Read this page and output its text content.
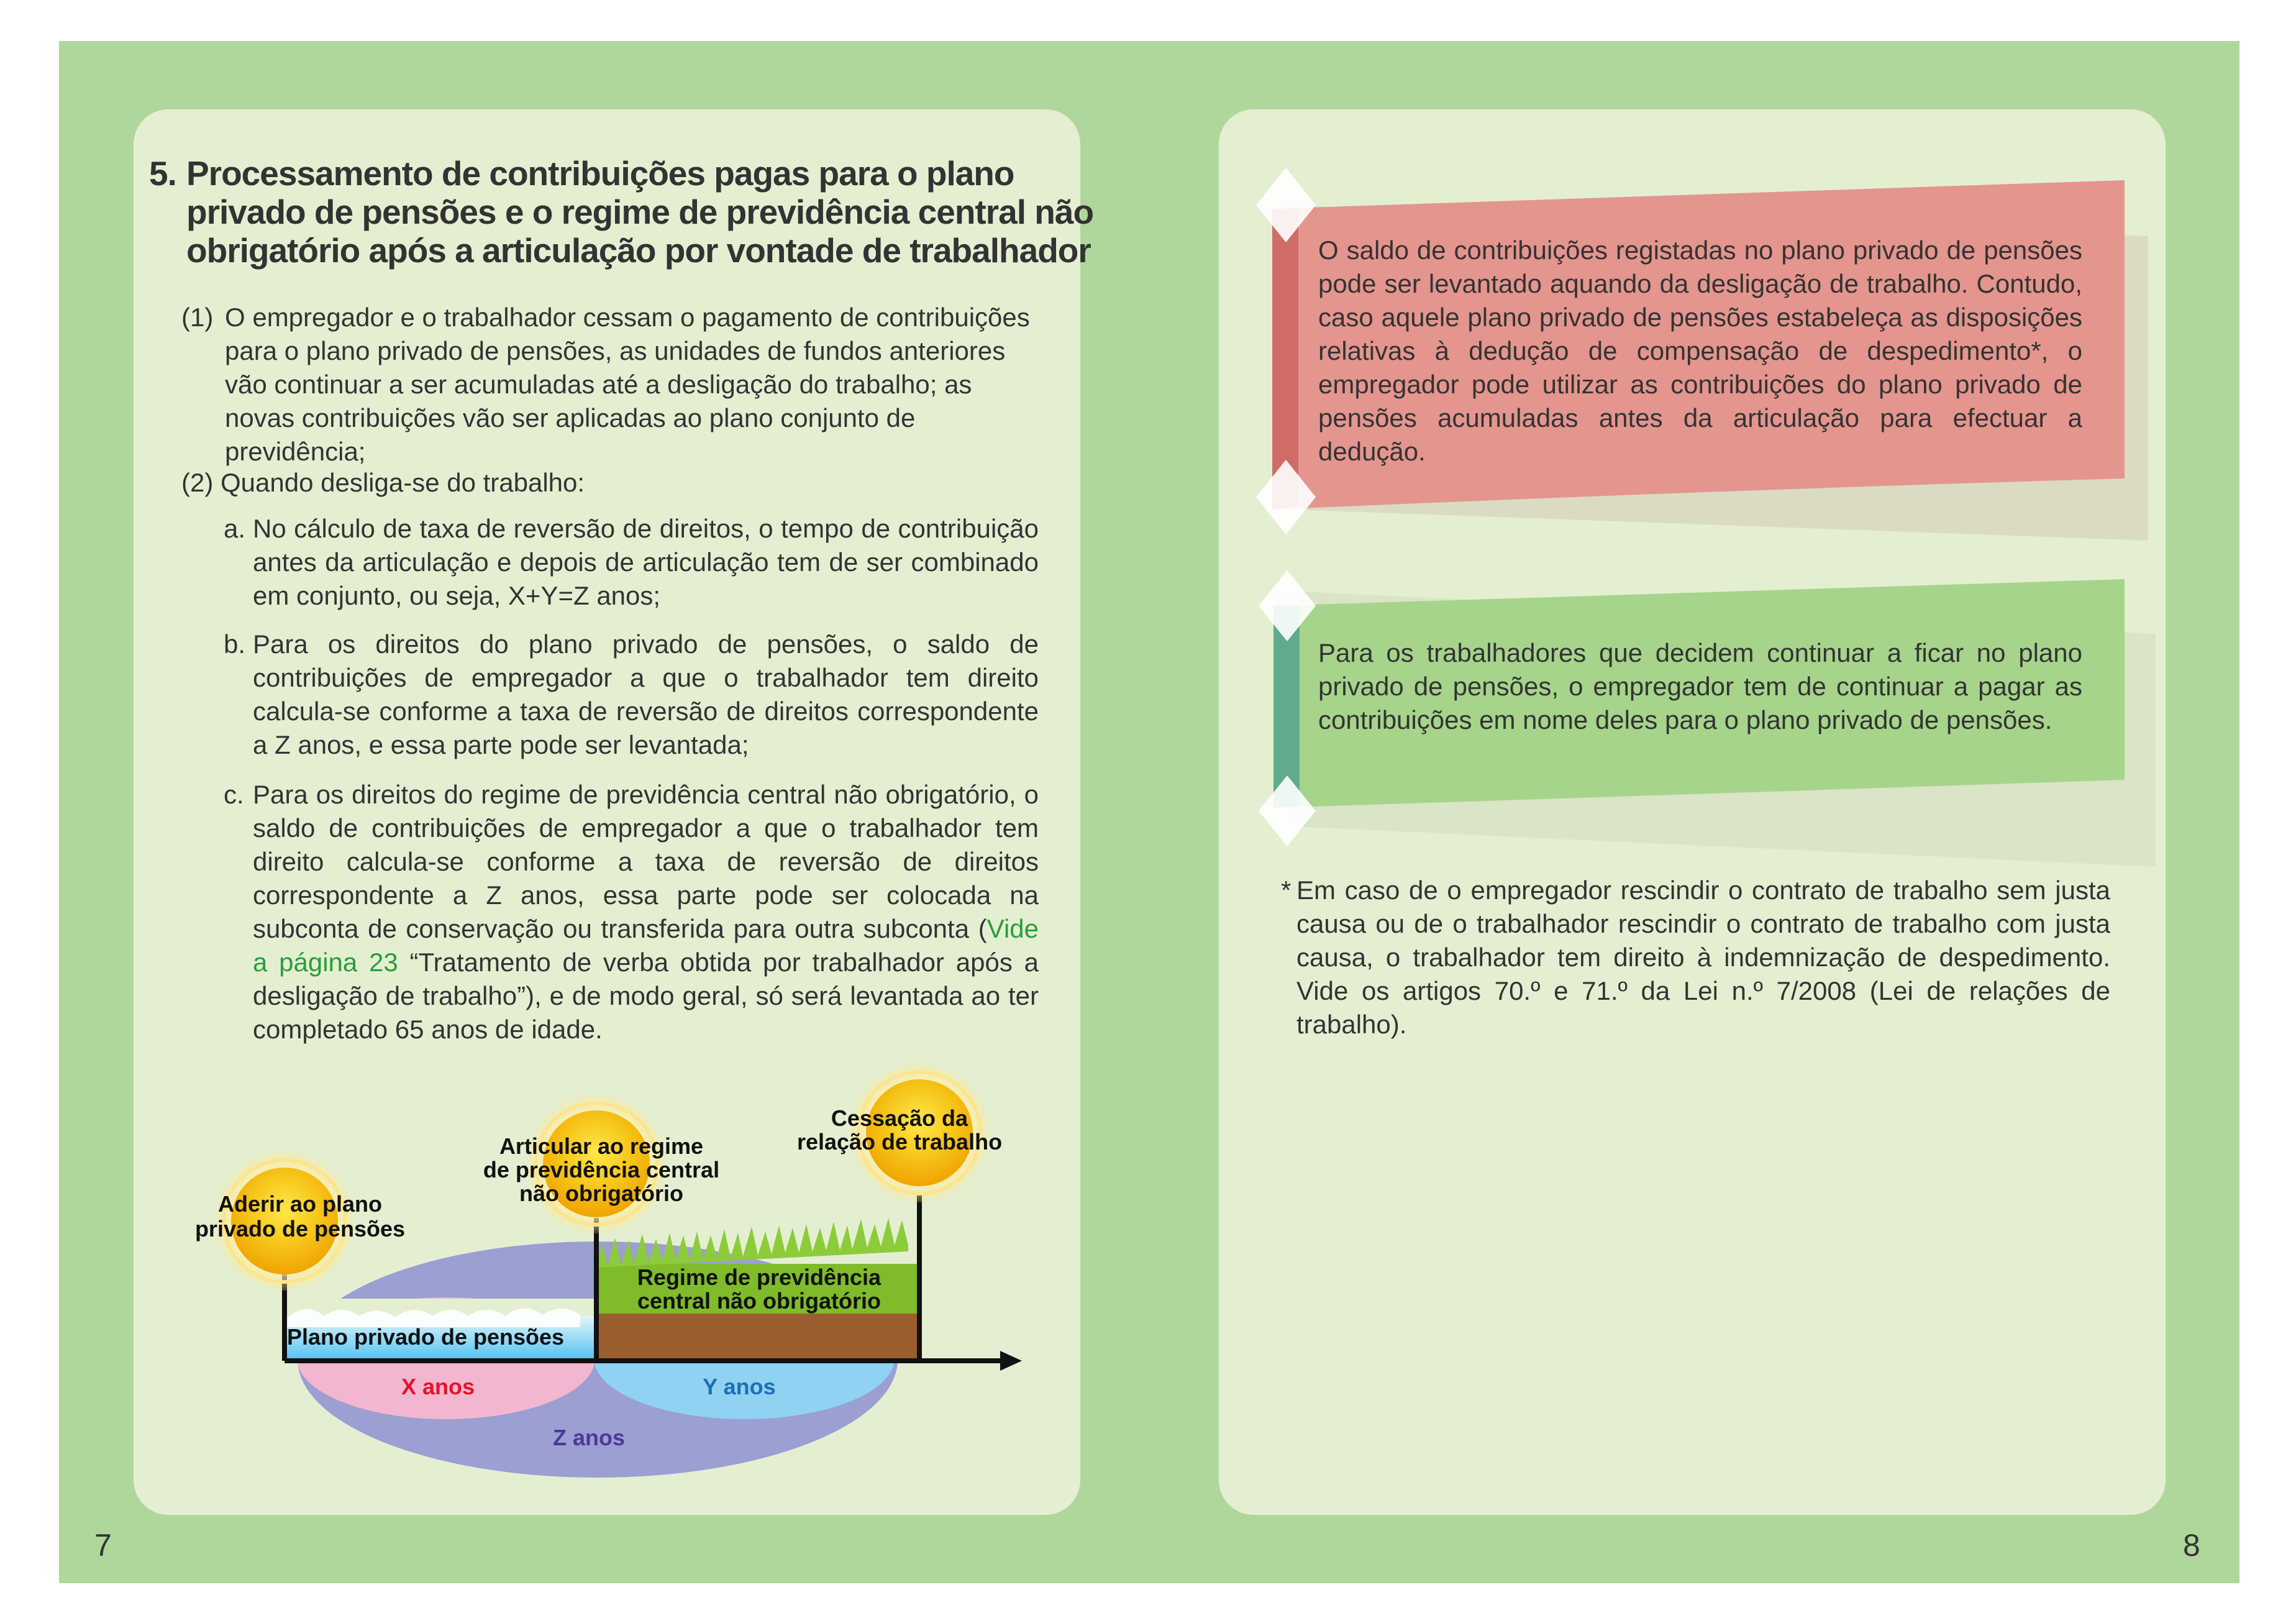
5. Processamento de contribuições pagas para o plano
privado de pensões e o regime de previdência central não
obrigatório após a articulação por vontade de trabalhador
(1) O empregador e o trabalhador cessam o pagamento de contribuições para o plano privado de pensões, as unidades de fundos anteriores vão continuar a ser acumuladas até a desligação do trabalho; as novas contribuições vão ser aplicadas ao plano conjunto de previdência;
(2) Quando desliga-se do trabalho:
a. No cálculo de taxa de reversão de direitos, o tempo de contribuição antes da articulação e depois de articulação tem de ser combinado em conjunto, ou seja, X+Y=Z anos;
b. Para os direitos do plano privado de pensões, o saldo de contribuições de empregador a que o trabalhador tem direito calcula-se conforme a taxa de reversão de direitos correspondente a Z anos, e essa parte pode ser levantada;
c. Para os direitos do regime de previdência central não obrigatório, o saldo de contribuições de empregador a que o trabalhador tem direito calcula-se conforme a taxa de reversão de direitos correspondente a Z anos, essa parte pode ser colocada na subconta de conservação ou transferida para outra subconta (Vide a página 23 “Tratamento de verba obtida por trabalhador após a desligação de trabalho”), e de modo geral, só será levantada ao ter completado 65 anos de idade.
Aderir ao plano
privado de pensões
Articular ao regime
de previdência central
não obrigatório
Cessação da
relação de trabalho
Plano privado de pensões
Regime de previdência
central não obrigatório
X anos	Y anos
Z anos
O saldo de contribuições registadas no plano privado de pensões pode ser levantado aquando da desligação de trabalho. Contudo, caso aquele plano privado de pensões estabeleça as disposições relativas à dedução de compensação de despedimento*, o empregador pode utilizar as contribuições do plano privado de pensões acumuladas antes da articulação para efectuar a dedução.
Para os trabalhadores que decidem continuar a ficar no plano privado de pensões, o empregador tem de continuar a pagar as contribuições em nome deles para o plano privado de pensões.
* Em caso de o empregador rescindir o contrato de trabalho sem justa causa ou de o trabalhador rescindir o contrato de trabalho com justa causa, o trabalhador tem direito à indemnização de despedimento. Vide os artigos 70.º e 71.º da Lei n.º 7/2008 (Lei de relações de trabalho).
7	8
